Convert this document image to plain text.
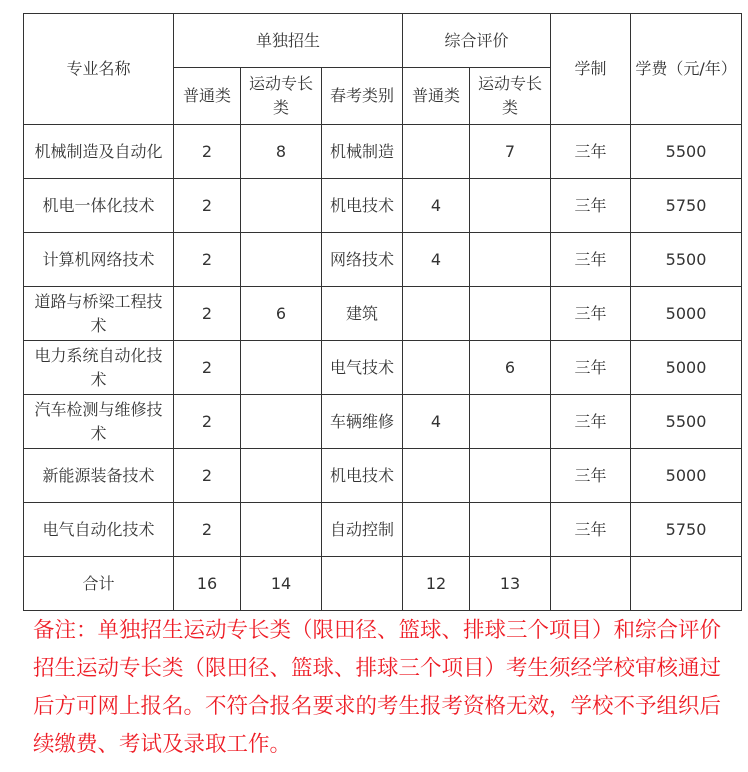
专业名称	单独招生			综合评价		学制	学费（元/年）
	普通类	运动专长类	春考类别	普通类	运动专长类		
机械制造及自动化	2	8	机械制造		7	三年	5500
机电一体化技术	2		机电技术	4		三年	5750
计算机网络技术	2		网络技术	4		三年	5500
道路与桥梁工程技术	2	6	建筑			三年	5000
电力系统自动化技术	2		电气技术		6	三年	5000
汽车检测与维修技术	2		车辆维修	4		三年	5500
新能源装备技术	2		机电技术			三年	5000
电气自动化技术	2		自动控制			三年	5750
合计	16	14		12	13		

备注：单独招生运动专长类（限田径、篮球、排球三个项目）和综合评价招生运动专长类（限田径、篮球、排球三个项目）考生须经学校审核通过后方可网上报名。不符合报名要求的考生报考资格无效，学校不予组织后续缴费、考试及录取工作。
